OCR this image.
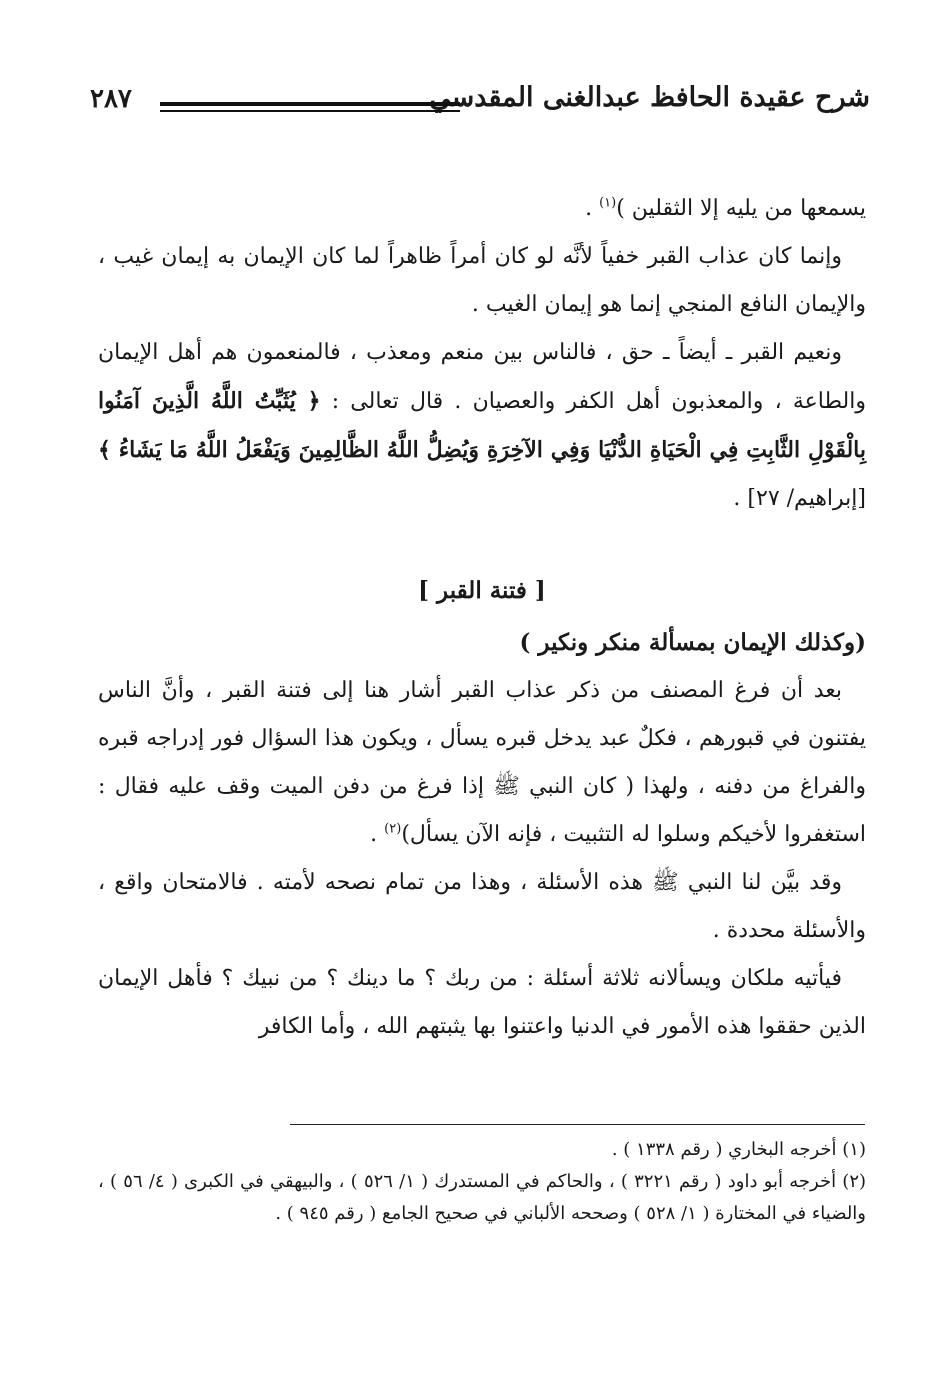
شرح عقيدة الحافظ عبدالغنى المقدسي
٢٨٧

يسمعها من يليه إلا الثقلين )$^{(١)}$ .

وإنما كان عذاب القبر خفياً لأنَّه لو كان أمراً ظاهراً لما كان الإيمان به إيمان غيب ، والإيمان النافع المنجي إنما هو إيمان الغيب .

ونعيم القبر ـ أيضاً ـ حق ، فالناس بين منعم ومعذب ، فالمنعمون هم أهل الإيمان والطاعة ، والمعذبون أهل الكفر والعصيان . قال تعالى : ﴿ يُثَبِّتُ اللَّهُ الَّذِينَ آمَنُوا بِالْقَوْلِ الثَّابِتِ فِي الْحَيَاةِ الدُّنْيَا وَفِي الآخِرَةِ وَيُضِلُّ اللَّهُ الظَّالِمِينَ وَيَفْعَلُ اللَّهُ مَا يَشَاءُ ﴾ [إبراهيم/ ٢٧] .

[ فتنة القبر ]

(وكذلك الإيمان بمسألة منكر ونكير )

بعد أن فرغ المصنف من ذكر عذاب القبر أشار هنا إلى فتنة القبر ، وأنَّ الناس يفتنون في قبورهم ، فكلٌ عبد يدخل قبره يسأل ، ويكون هذا السؤال فور إدراجه قبره والفراغ من دفنه ، ولهذا ( كان النبي ﷺ إذا فرغ من دفن الميت وقف عليه فقال : استغفروا لأخيكم وسلوا له التثبيت ، فإنه الآن يسأل)$^{(٢)}$ .

وقد بيَّن لنا النبي ﷺ هذه الأسئلة ، وهذا من تمام نصحه لأمته . فالامتحان واقع ، والأسئلة محددة .

فيأتيه ملكان ويسألانه ثلاثة أسئلة : من ربك ؟ ما دينك ؟ من نبيك ؟ فأهل الإيمان الذين حققوا هذه الأمور في الدنيا واعتنوا بها يثبتهم الله ، وأما الكافر

(١) أخرجه البخاري ( رقم ١٣٣٨ ) .

(٢) أخرجه أبو داود ( رقم ٣٢٢١ ) ، والحاكم في المستدرك ( ١/ ٥٢٦ ) ، والبيهقي في الكبرى ( ٤/ ٥٦ ) ، والضياء في المختارة ( ١/ ٥٢٨ ) وصححه الألباني في صحيح الجامع ( رقم ٩٤٥ ) .
